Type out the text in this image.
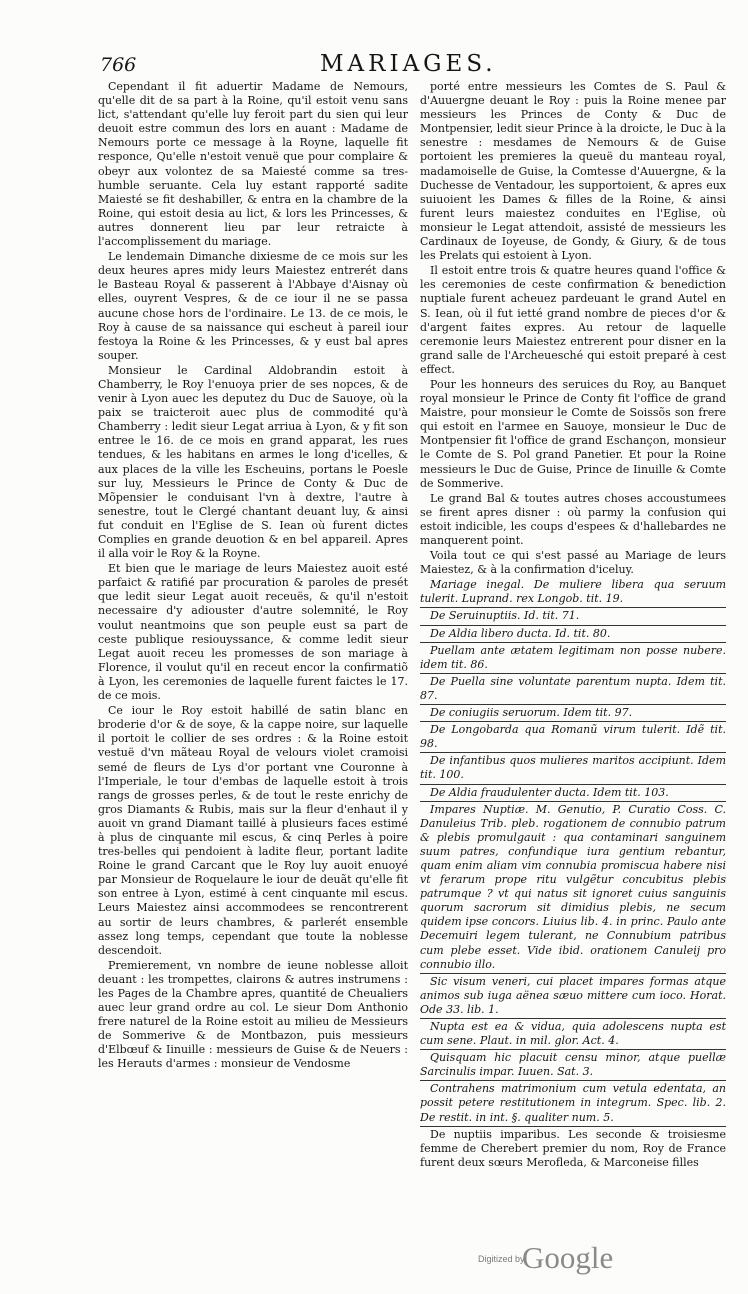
766	MARIAGES.

Cependant il fit aduertir Madame de Nemours, qu'elle dit de sa part à la Roine, qu'il estoit venu sans lict, s'attendant qu'elle luy feroit part du sien qui leur deuoit estre commun des lors en auant : Madame de Nemours porte ce message à la Royne, laquelle fit responce, Qu'elle n'estoit venuë que pour complaire & obeyr aux volontez de sa Maiesté comme sa tres-humble seruante. Cela luy estant rapporté sadite Maiesté se fit deshabiller, & entra en la chambre de la Roine, qui estoit desia au lict, & lors les Princesses, & autres donnerent lieu par leur retraicte à l'accomplissement du mariage.

Le lendemain Dimanche dixiesme de ce mois sur les deux heures apres midy leurs Maiestez entrerét dans le Basteau Royal & passerent à l'Abbaye d'Aisnay où elles, ouyrent Vespres, & de ce iour il ne se passa aucune chose hors de l'ordinaire. Le 13. de ce mois, le Roy à cause de sa naissance qui escheut à pareil iour festoya la Roine & les Princesses, & y eust bal apres souper.

Monsieur le Cardinal Aldobrandin estoit à Chamberry, le Roy l'enuoya prier de ses nopces, & de venir à Lyon auec les deputez du Duc de Sauoye, où la paix se traicteroit auec plus de commodité qu'à Chamberry : ledit sieur Legat arriua à Lyon, & y fit son entree le 16. de ce mois en grand apparat, les rues tendues, & les habitans en armes le long d'icelles, & aux places de la ville les Escheuins, portans le Poesle sur luy, Messieurs le Prince de Conty & Duc de Mõpensier le conduisant l'vn à dextre, l'autre à senestre, tout le Clergé chantant deuant luy, & ainsi fut conduit en l'Eglise de S. Iean où furent dictes Complies en grande deuotion & en bel appareil. Apres il alla voir le Roy & la Royne.

Et bien que le mariage de leurs Maiestez auoit esté parfaict & ratifié par procuration & paroles de presét que ledit sieur Legat auoit receuës, & qu'il n'estoit necessaire d'y adiouster d'autre solemnité, le Roy voulut neantmoins que son peuple eust sa part de ceste publique resiouyssance, & comme ledit sieur Legat auoit receu les promesses de son mariage à Florence, il voulut qu'il en receut encor la confirmatiõ à Lyon, les ceremonies de laquelle furent faictes le 17. de ce mois.

Ce iour le Roy estoit habillé de satin blanc en broderie d'or & de soye, & la cappe noire, sur laquelle il portoit le collier de ses ordres : & la Roine estoit vestuë d'vn mãteau Royal de velours violet cramoisi semé de fleurs de Lys d'or portant vne Couronne à l'Imperiale, le tour d'embas de laquelle estoit à trois rangs de grosses perles, & de tout le reste enrichy de gros Diamants & Rubis, mais sur la fleur d'enhaut il y auoit vn grand Diamant taillé à plusieurs faces estimé à plus de cinquante mil escus, & cinq Perles à poire tres-belles qui pendoient à ladite fleur, portant ladite Roine le grand Carcant que le Roy luy auoit enuoyé par Monsieur de Roquelaure le iour de deuãt qu'elle fit son entree à Lyon, estimé à cent cinquante mil escus. Leurs Maiestez ainsi accommodees se rencontrerent au sortir de leurs chambres, & parlerét ensemble assez long temps, cependant que toute la noblesse descendoit.

Premierement, vn nombre de ieune noblesse alloit deuant : les trompettes, clairons & autres instrumens : les Pages de la Chambre apres, quantité de Cheualiers auec leur grand ordre au col. Le sieur Dom Anthonio frere naturel de la Roine estoit au milieu de Messieurs de Sommerive & de Montbazon, puis messieurs d'Elbœuf & Iinuille : messieurs de Guise & de Neuers : les Herauts d'armes : monsieur de Vendosme

porté entre messieurs les Comtes de S. Paul & d'Auuergne deuant le Roy : puis la Roine menee par messieurs les Princes de Conty & Duc de Montpensier, ledit sieur Prince à la droicte, le Duc à la senestre : mesdames de Nemours & de Guise portoient les premieres la queuë du manteau royal, madamoiselle de Guise, la Comtesse d'Auuergne, & la Duchesse de Ventadour, les supportoient, & apres eux suiuoient les Dames & filles de la Roine, & ainsi furent leurs maiestez conduites en l'Eglise, où monsieur le Legat attendoit, assisté de messieurs les Cardinaux de Ioyeuse, de Gondy, & Giury, & de tous les Prelats qui estoient à Lyon.

Il estoit entre trois & quatre heures quand l'office & les ceremonies de ceste confirmation & benediction nuptiale furent acheuez pardeuant le grand Autel en S. Iean, où il fut ietté grand nombre de pieces d'or & d'argent faites expres. Au retour de laquelle ceremonie leurs Maiestez entrerent pour disner en la grand salle de l'Archeuesché qui estoit preparé à cest effect.

Pour les honneurs des seruices du Roy, au Banquet royal monsieur le Prince de Conty fit l'office de grand Maistre, pour monsieur le Comte de Soissõs son frere qui estoit en l'armee en Sauoye, monsieur le Duc de Montpensier fit l'office de grand Eschançon, monsieur le Comte de S. Pol grand Panetier. Et pour la Roine messieurs le Duc de Guise, Prince de Iinuille & Comte de Sommerive.

Le grand Bal & toutes autres choses accoustumees se firent apres disner : où parmy la confusion qui estoit indicible, les coups d'espees & d'hallebardes ne manquerent point.

Voila tout ce qui s'est passé au Mariage de leurs Maiestez, & à la confirmation d'iceluy.

Mariage inegal. De muliere libera qua seruum tulerit. Luprand. rex Longob. tit. 19.

De Seruinuptiis. Id. tit. 71.

De Aldia libero ducta. Id. tit. 80.

Puellam ante ætatem legitimam non posse nubere. idem tit. 86.

De Puella sine voluntate parentum nupta. Idem tit. 87.

De coniugiis seruorum. Idem tit. 97.

De Longobarda qua Romanũ virum tulerit. Idẽ tit. 98.

De infantibus quos mulieres maritos accipiunt. Idem tit. 100.

De Aldia fraudulenter ducta. Idem tit. 103.

Impares Nuptiæ. M. Genutio, P. Curatio Coss. C. Danuleius Trib. pleb. rogationem de connubio patrum & plebis promulgauit : qua contaminari sanguinem suum patres, confundique iura gentium rebantur, quam enim aliam vim connubia promiscua habere nisi vt ferarum prope ritu vulgẽtur concubitus plebis patrumque ? vt qui natus sit ignoret cuius sanguinis quorum sacrorum sit dimidius plebis, ne secum quidem ipse concors. Liuius lib. 4. in princ. Paulo ante Decemuiri legem tulerant, ne Connubium patribus cum plebe esset. Vide ibid. orationem Canuleij pro connubio illo.

Sic visum veneri, cui placet impares formas atque animos sub iuga aënea sæuo mittere cum ioco. Horat. Ode 33. lib. 1.

Nupta est ea & vidua, quia adolescens nupta est cum sene. Plaut. in mil. glor. Act. 4.

Quisquam hic placuit censu minor, atque puellæ Sarcinulis impar. Iuuen. Sat. 3.

Contrahens matrimonium cum vetula edentata, an possit petere restitutionem in integrum. Spec. lib. 2. De restit. in int. §. qualiter num. 5.

De nuptiis imparibus. Les seconde & troisiesme femme de Cherebert premier du nom, Roy de France furent deux sœurs Merofleda, & Marconeise filles

Digitized by
Google
